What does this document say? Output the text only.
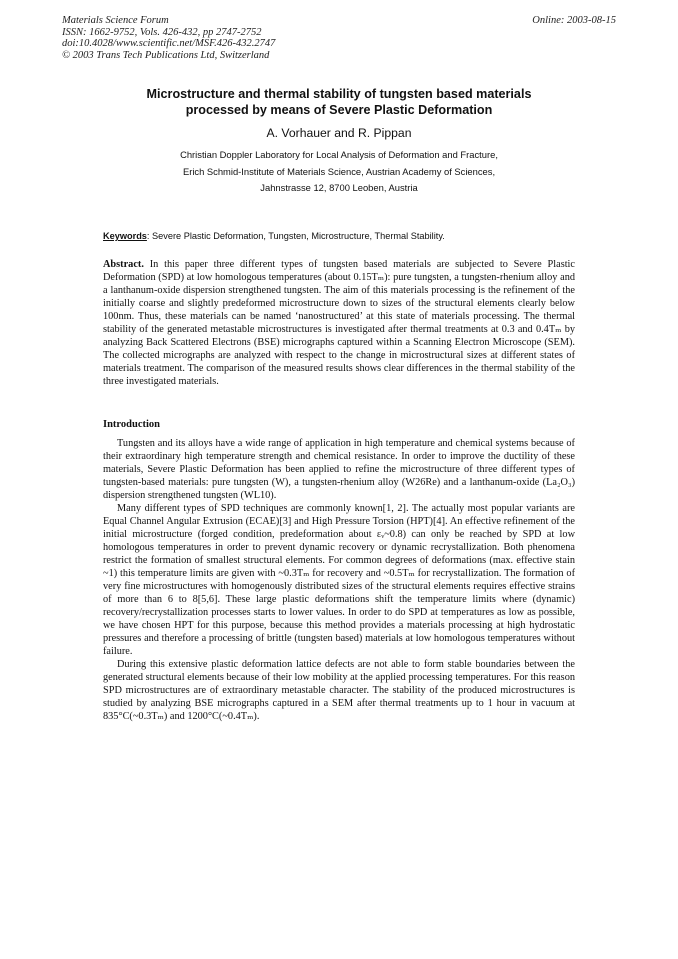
Materials Science Forum
ISSN: 1662-9752, Vols. 426-432, pp 2747-2752
doi:10.4028/www.scientific.net/MSF.426-432.2747
© 2003 Trans Tech Publications Ltd, Switzerland
Online: 2003-08-15
Microstructure and thermal stability of tungsten based materials
processed by means of Severe Plastic Deformation
A. Vorhauer and R. Pippan
Christian Doppler Laboratory for Local Analysis of Deformation and Fracture,
Erich Schmid-Institute of Materials Science, Austrian Academy of Sciences,
Jahnstrasse 12, 8700 Leoben, Austria
Keywords: Severe Plastic Deformation, Tungsten, Microstructure, Thermal Stability.
Abstract. In this paper three different types of tungsten based materials are subjected to Severe Plastic Deformation (SPD) at low homologous temperatures (about 0.15Tₘ): pure tungsten, a tungsten-rhenium alloy and a lanthanum-oxide dispersion strengthened tungsten. The aim of this materials processing is the refinement of the initially coarse and slightly predeformed microstructure down to sizes of the structural elements clearly below 100nm. Thus, these materials can be named ‘nanostructured’ at this state of materials processing. The thermal stability of the generated metastable microstructures is investigated after thermal treatments at 0.3 and 0.4Tₘ by analyzing Back Scattered Electrons (BSE) micrographs captured within a Scanning Electron Microscope (SEM). The collected micrographs are analyzed with respect to the change in microstructural sizes at different states of materials treatment. The comparison of the measured results shows clear differences in the thermal stability of the three investigated materials.
Introduction

Tungsten and its alloys have a wide range of application in high temperature and chemical systems because of their extraordinary high temperature strength and chemical resistance. In order to improve the ductility of these materials, Severe Plastic Deformation has been applied to refine the microstructure of three different types of tungsten-based materials: pure tungsten (W), a tungsten-rhenium alloy (W26Re) and a lanthanum-oxide (La₂O₃) dispersion strengthened tungsten (WL10).

Many different types of SPD techniques are commonly known[1, 2]. The actually most popular variants are Equal Channel Angular Extrusion (ECAE)[3] and High Pressure Torsion (HPT)[4]. An effective refinement of the initial microstructure (forged condition, predeformation about εᵥ~0.8) can only be reached by SPD at low homologous temperatures in order to prevent dynamic recovery or dynamic recrystallization. Both phenomena restrict the formation of smallest structural elements. For common degrees of deformations (max. effective stain ~1) this temperature limits are given with ~0.3Tₘ for recovery and ~0.5Tₘ for recrystallization. The formation of very fine microstructures with homogenously distributed sizes of the structural elements requires effective strains of more than 6 to 8[5,6]. These large plastic deformations shift the temperature limits where (dynamic) recovery/recrystallization processes starts to lower values. In order to do SPD at temperatures as low as possible, we have chosen HPT for this purpose, because this method provides a materials processing at high hydrostatic pressures and therefore a processing of brittle (tungsten based) materials at low homologous temperatures without failure.

During this extensive plastic deformation lattice defects are not able to form stable boundaries between the generated structural elements because of their low mobility at the applied processing temperatures. For this reason SPD microstructures are of extraordinary metastable character. The stability of the produced microstructures is studied by analyzing BSE micrographs captured in a SEM after thermal treatments up to 1 hour in vacuum at 835°C(~0.3Tₘ) and 1200°C(~0.4Tₘ).
